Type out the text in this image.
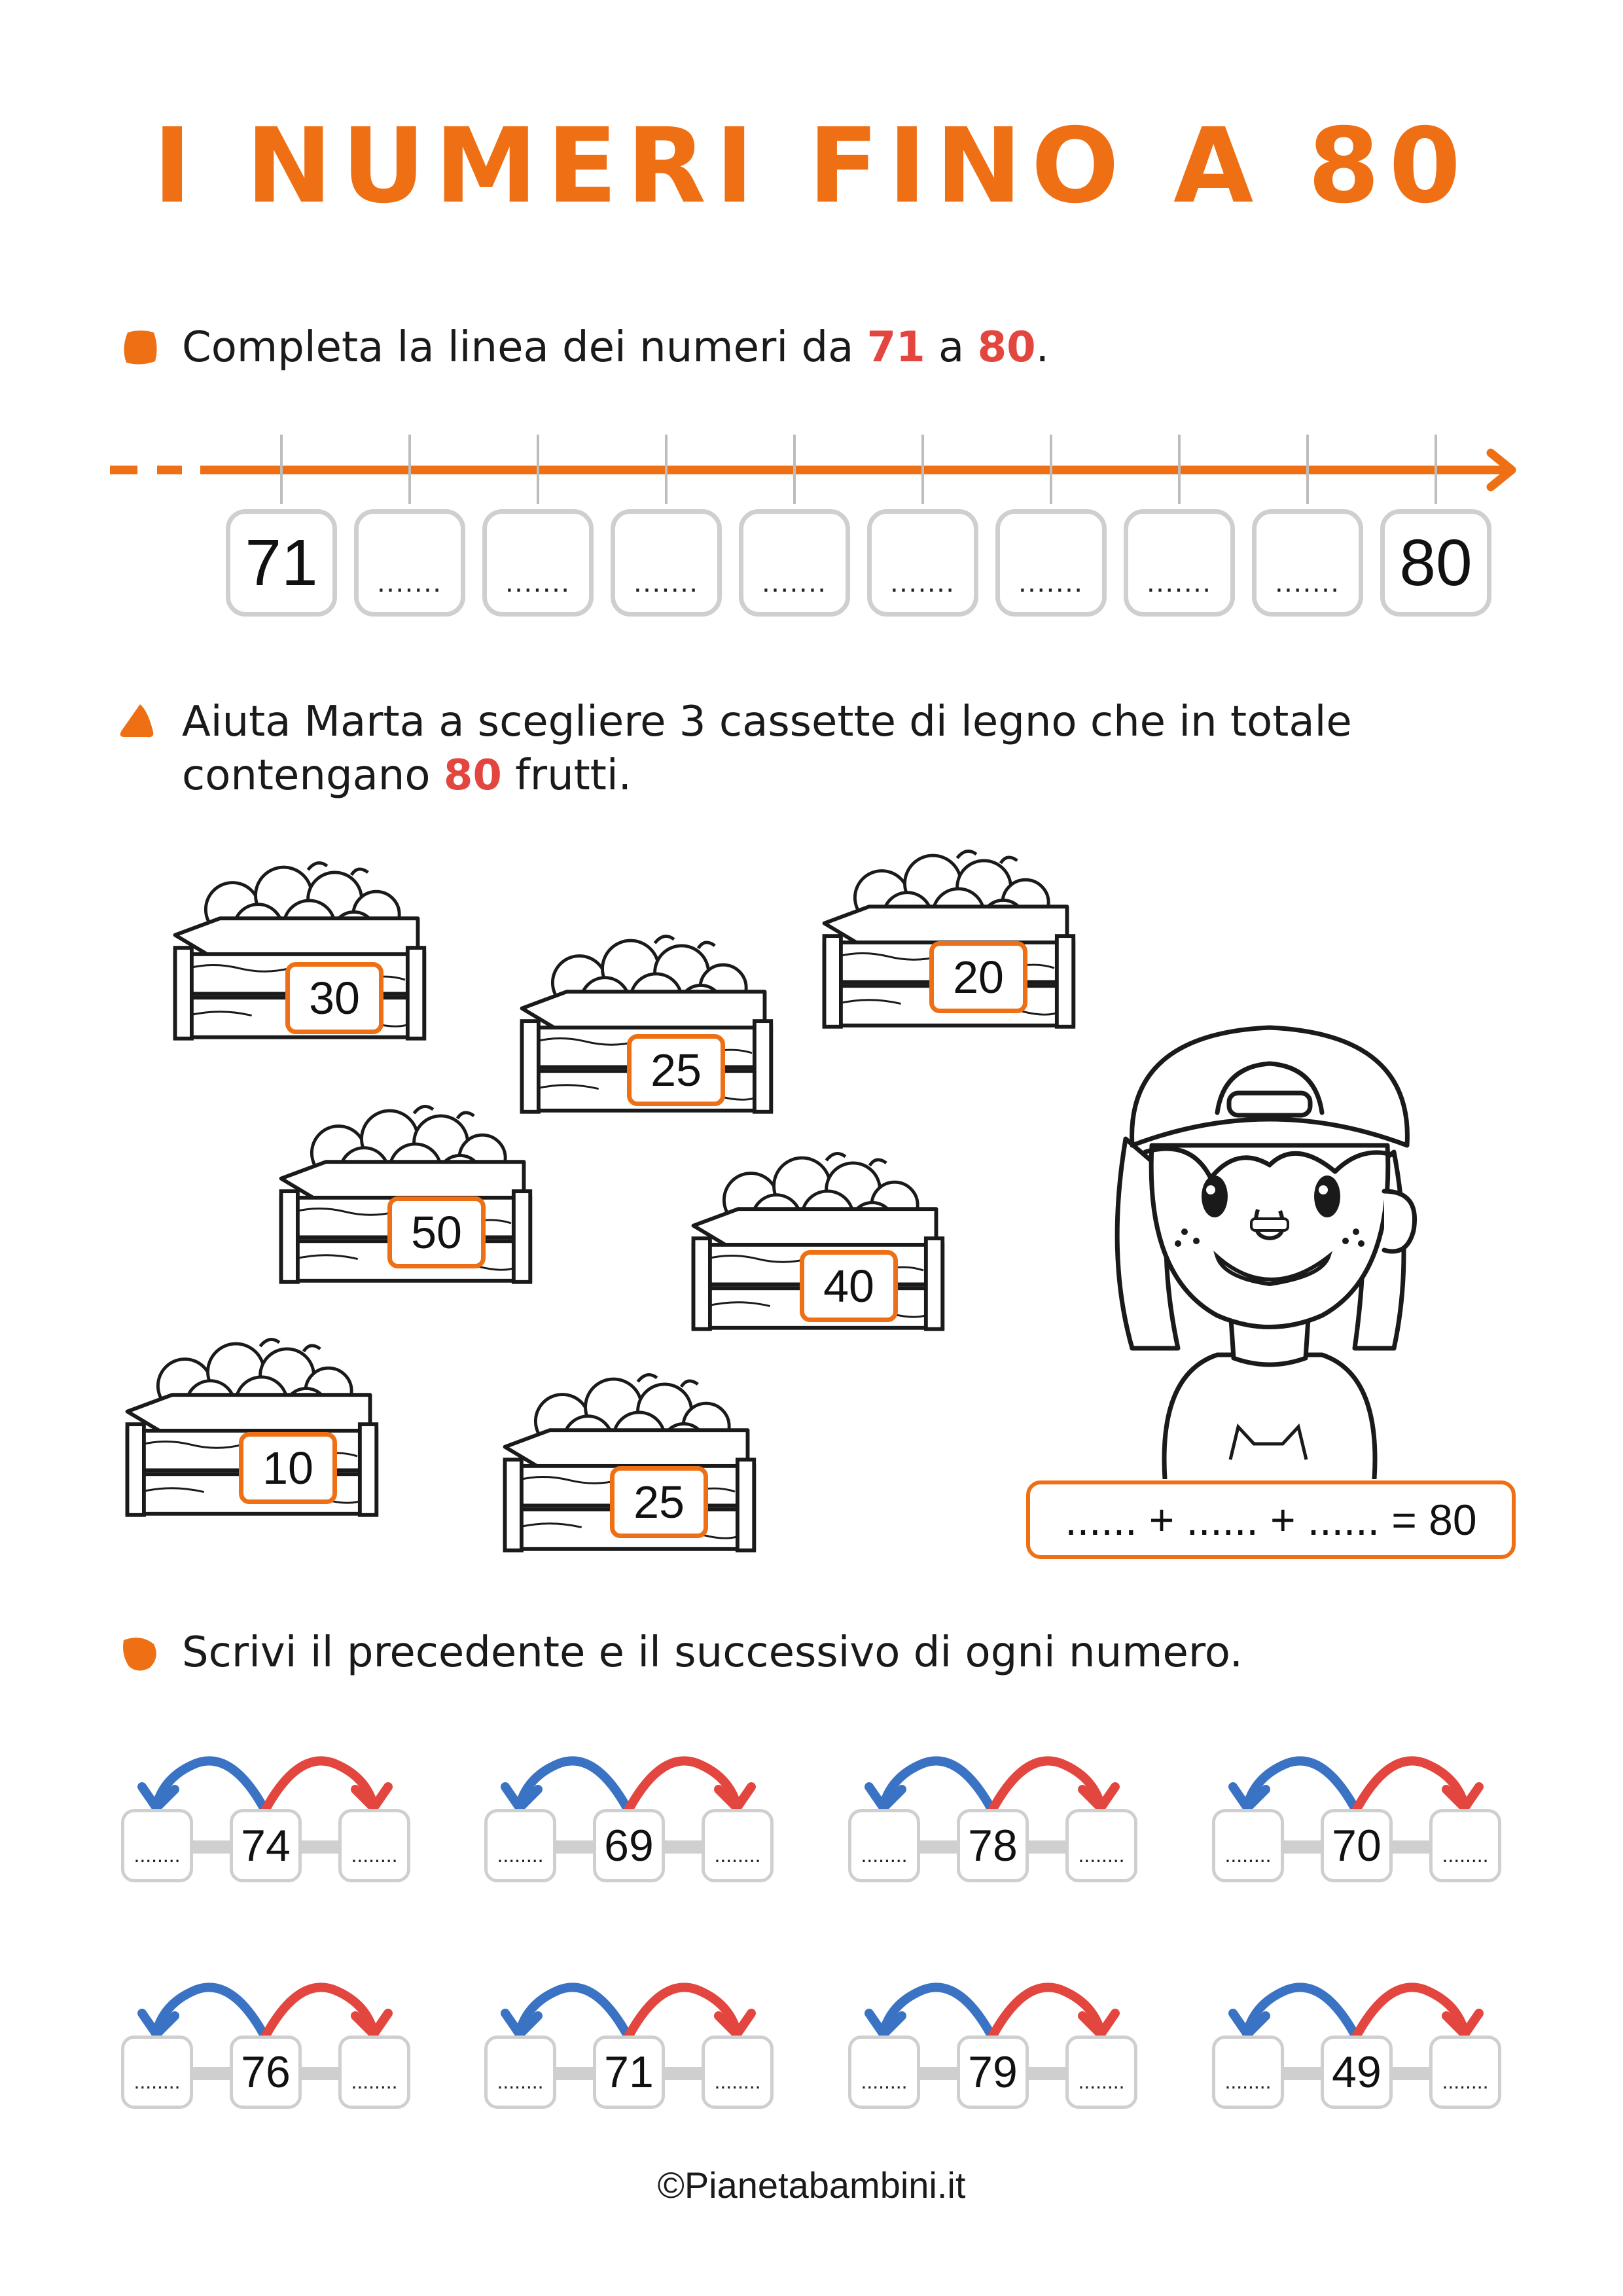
I NUMERI FINO A 80
Completa la linea dei numeri da 71 a 80.
71 ....... ....... ....... ....... ....... ....... ....... ....... 80
Aiuta Marta a scegliere 3 cassette di legno che in totale
contengano 80 frutti.
30
25
20
50
40
10
25	...... + ...... + ...... = 80
Scrivi il precedente e il successivo di ogni numero.
........ 74	........	........ 69	........	........ 78	........	........ 70	........
........ 76	........	........ 71	........	........ 79	........	........ 49	........
©Pianetabambini.it
